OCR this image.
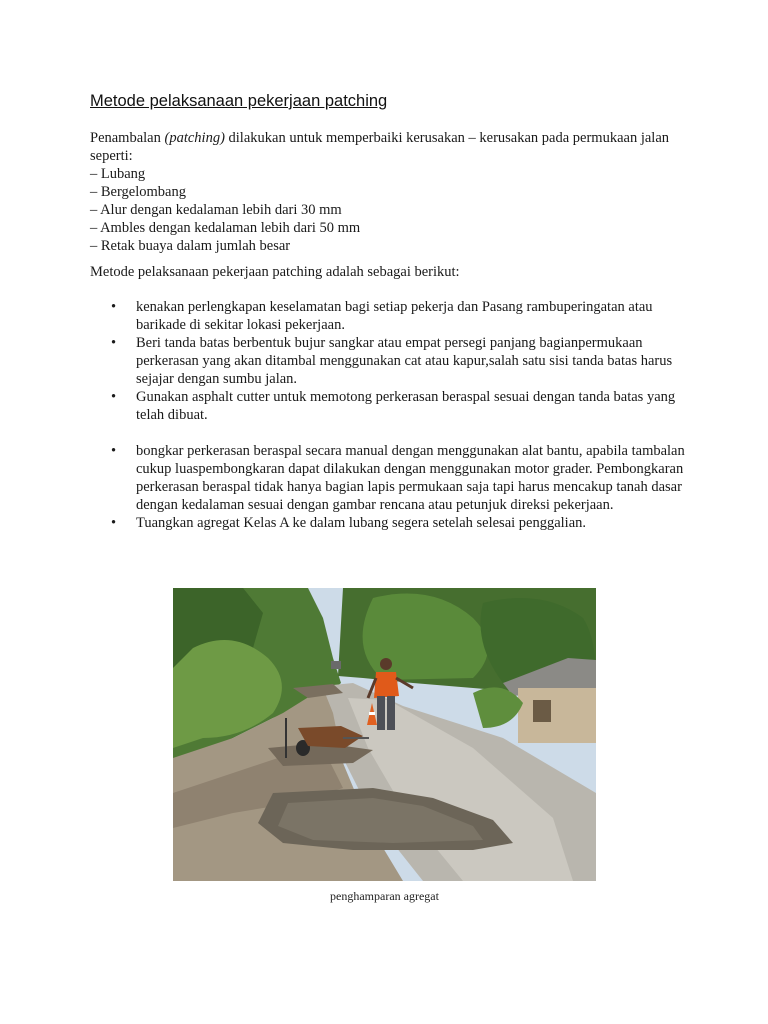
Metode pelaksanaan pekerjaan patching

Penambalan (patching) dilakukan untuk memperbaiki kerusakan – kerusakan pada permukaan jalan seperti:

– Lubang
– Bergelombang
– Alur dengan kedalaman lebih dari 30 mm
– Ambles dengan kedalaman lebih dari 50 mm
– Retak buaya dalam jumlah besar
Metode pelaksanaan pekerjaan patching adalah sebagai berikut:
• kenakan perlengkapan keselamatan bagi setiap pekerja dan Pasang rambuperingatan atau barikade di sekitar lokasi pekerjaan.
• Beri tanda batas berbentuk bujur sangkar atau empat persegi panjang bagianpermukaan perkerasan yang akan ditambal menggunakan cat atau kapur,salah satu sisi tanda batas harus sejajar dengan sumbu jalan.
• Gunakan asphalt cutter untuk memotong perkerasan beraspal sesuai dengan tanda batas yang telah dibuat.
• bongkar perkerasan beraspal secara manual dengan menggunakan alat bantu, apabila tambalan cukup luaspembongkaran dapat dilakukan dengan menggunakan motor grader. Pembongkaran perkerasan beraspal tidak hanya bagian lapis permukaan saja tapi harus mencakup tanah dasar dengan kedalaman sesuai dengan gambar rencana atau petunjuk direksi pekerjaan.
• Tuangkan agregat Kelas A ke dalam lubang segera setelah selesai penggalian.
penghamparan agregat
